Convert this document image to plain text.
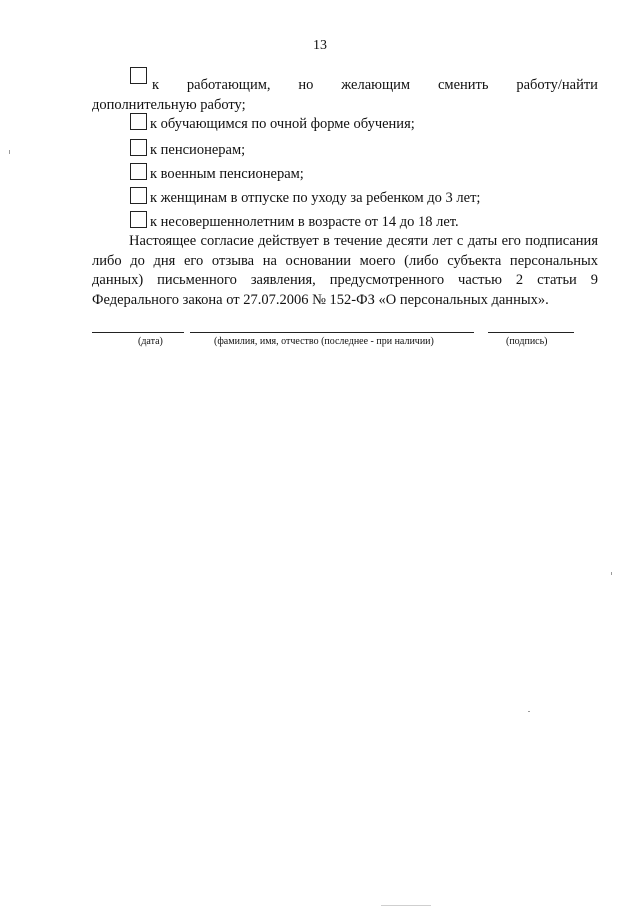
13
к работающим, но желающим сменить работу/найти
дополнительную работу;
к обучающимся по очной форме обучения;
к пенсионерам;
к военным пенсионерам;
к женщинам в отпуске по уходу за ребенком до 3 лет;
к несовершеннолетним в возрасте от 14 до 18 лет.

Настоящее согласие действует в течение десяти лет с даты его подписания либо до дня его отзыва на основании моего (либо субъекта персональных данных) письменного заявления, предусмотренного частью 2 статьи 9 Федерального закона от 27.07.2006 № 152-ФЗ «О персональных данных».

(дата)	(фамилия, имя, отчество (последнее - при наличии)	(подпись)
